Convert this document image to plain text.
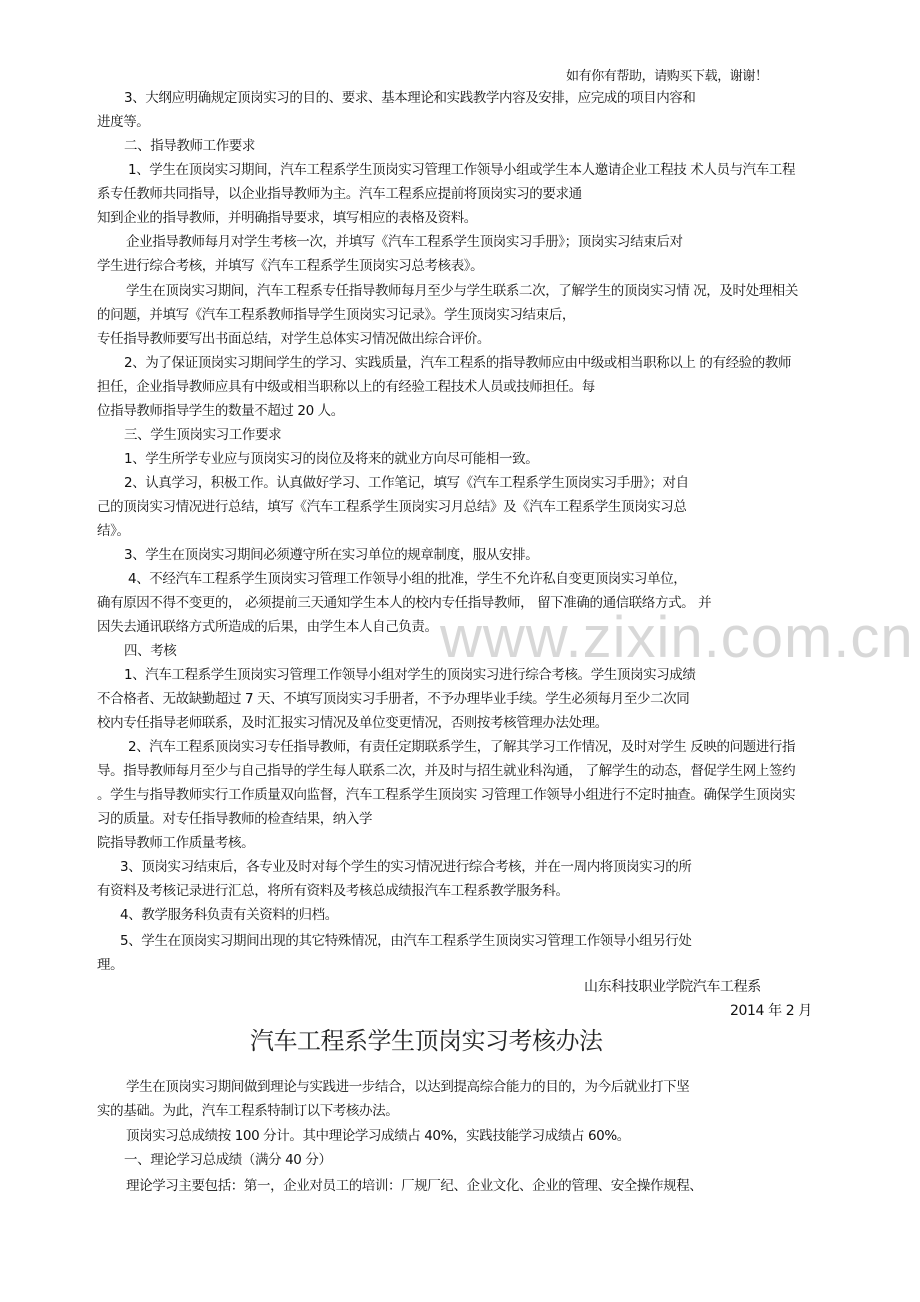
www.zixin.com.cn
如有你有帮助，请购买下载，谢谢！
3、大纲应明确规定顶岗实习的目的、要求、基本理论和实践教学内容及安排，应完成的项目内容和
进度等。
二、指导教师工作要求
1、学生在顶岗实习期间，汽车工程系学生顶岗实习管理工作领导小组或学生本人邀请企业工程技 术人员与汽车工程
系专任教师共同指导，以企业指导教师为主。汽车工程系应提前将顶岗实习的要求通
知到企业的指导教师，并明确指导要求，填写相应的表格及资料。
企业指导教师每月对学生考核一次，并填写《汽车工程系学生顶岗实习手册》；顶岗实习结束后对
学生进行综合考核，并填写《汽车工程系学生顶岗实习总考核表》。
学生在顶岗实习期间，汽车工程系专任指导教师每月至少与学生联系二次，了解学生的顶岗实习情 况，及时处理相关
的问题，并填写《汽车工程系教师指导学生顶岗实习记录》。学生顶岗实习结束后，
专任指导教师要写出书面总结，对学生总体实习情况做出综合评价。
2、为了保证顶岗实习期间学生的学习、实践质量，汽车工程系的指导教师应由中级或相当职称以上 的有经验的教师
担任，企业指导教师应具有中级或相当职称以上的有经验工程技术人员或技师担任。每
位指导教师指导学生的数量不超过 20 人。
三、学生顶岗实习工作要求
1、学生所学专业应与顶岗实习的岗位及将来的就业方向尽可能相一致。
2、认真学习，积极工作。认真做好学习、工作笔记，填写《汽车工程系学生顶岗实习手册》；对自
己的顶岗实习情况进行总结，填写《汽车工程系学生顶岗实习月总结》及《汽车工程系学生顶岗实习总
结》。
3、学生在顶岗实习期间必须遵守所在实习单位的规章制度，服从安排。
4、不经汽车工程系学生顶岗实习管理工作领导小组的批准，学生不允许私自变更顶岗实习单位，
确有原因不得不变更的， 必须提前三天通知学生本人的校内专任指导教师， 留下准确的通信联络方式。 并
因失去通讯联络方式所造成的后果，由学生本人自己负责。
四、考核
1、汽车工程系学生顶岗实习管理工作领导小组对学生的顶岗实习进行综合考核。学生顶岗实习成绩
不合格者、无故缺勤超过 7 天、不填写顶岗实习手册者，不予办理毕业手续。学生必须每月至少二次同
校内专任指导老师联系，及时汇报实习情况及单位变更情况，否则按考核管理办法处理。
2、汽车工程系顶岗实习专任指导教师，有责任定期联系学生，了解其学习工作情况，及时对学生 反映的问题进行指
导。指导教师每月至少与自己指导的学生每人联系二次，并及时与招生就业科沟通， 了解学生的动态，督促学生网上签约
。学生与指导教师实行工作质量双向监督，汽车工程系学生顶岗实 习管理工作领导小组进行不定时抽查。确保学生顶岗实
习的质量。对专任指导教师的检查结果，纳入学
院指导教师工作质量考核。
3、顶岗实习结束后，各专业及时对每个学生的实习情况进行综合考核，并在一周内将顶岗实习的所
有资料及考核记录进行汇总，将所有资料及考核总成绩报汽车工程系教学服务科。
4、教学服务科负责有关资料的归档。
5、学生在顶岗实习期间出现的其它特殊情况，由汽车工程系学生顶岗实习管理工作领导小组另行处
理。
山东科技职业学院汽车工程系
2014 年 2 月
汽车工程系学生顶岗实习考核办法
学生在顶岗实习期间做到理论与实践进一步结合，以达到提高综合能力的目的，为今后就业打下坚
实的基础。为此，汽车工程系特制订以下考核办法。
顶岗实习总成绩按 100 分计。其中理论学习成绩占 40%，实践技能学习成绩占 60%。
一、理论学习总成绩（满分 40 分）
理论学习主要包括：第一，企业对员工的培训：厂规厂纪、企业文化、企业的管理、安全操作规程、
